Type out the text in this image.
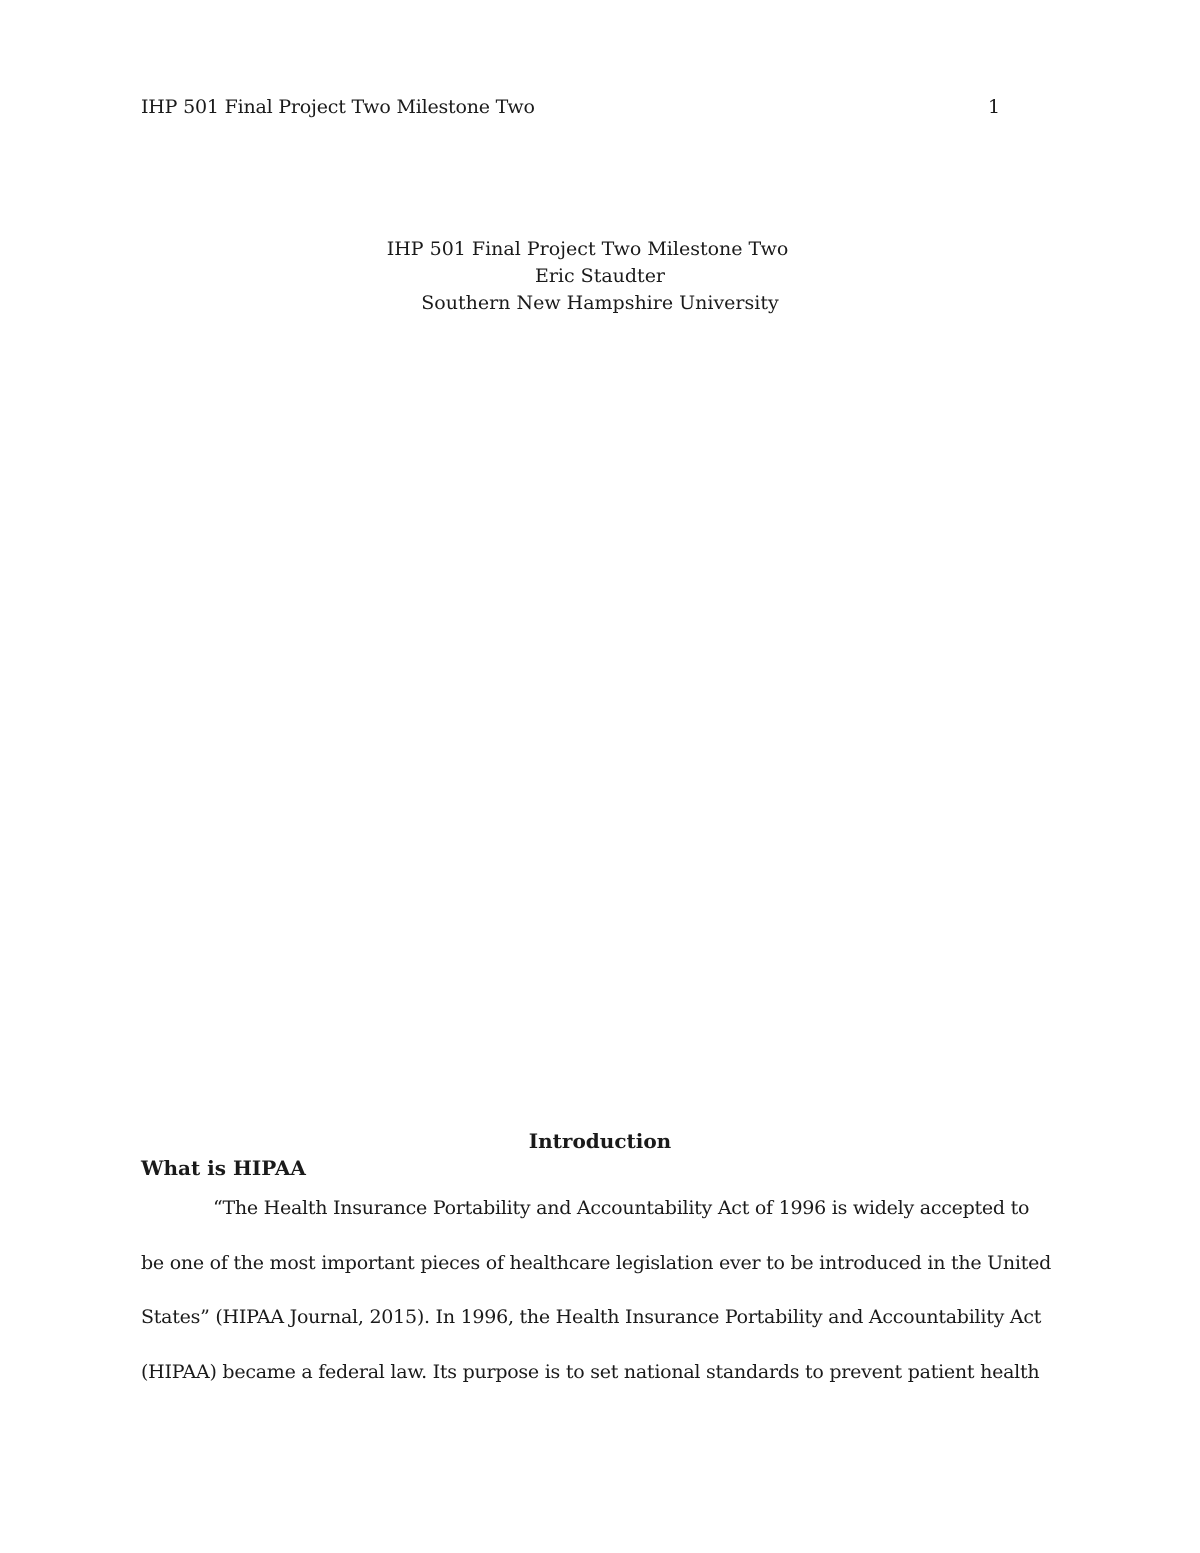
IHP 501 Final Project Two Milestone Two	1
IHP 501 Final Project Two Milestone Two
Eric Staudter
Southern New Hampshire University
Introduction
What is HIPAA
“The Health Insurance Portability and Accountability Act of 1996 is widely accepted to
be one of the most important pieces of healthcare legislation ever to be introduced in the United
States” (HIPAA Journal, 2015). In 1996, the Health Insurance Portability and Accountability Act
(HIPAA) became a federal law. Its purpose is to set national standards to prevent patient health
